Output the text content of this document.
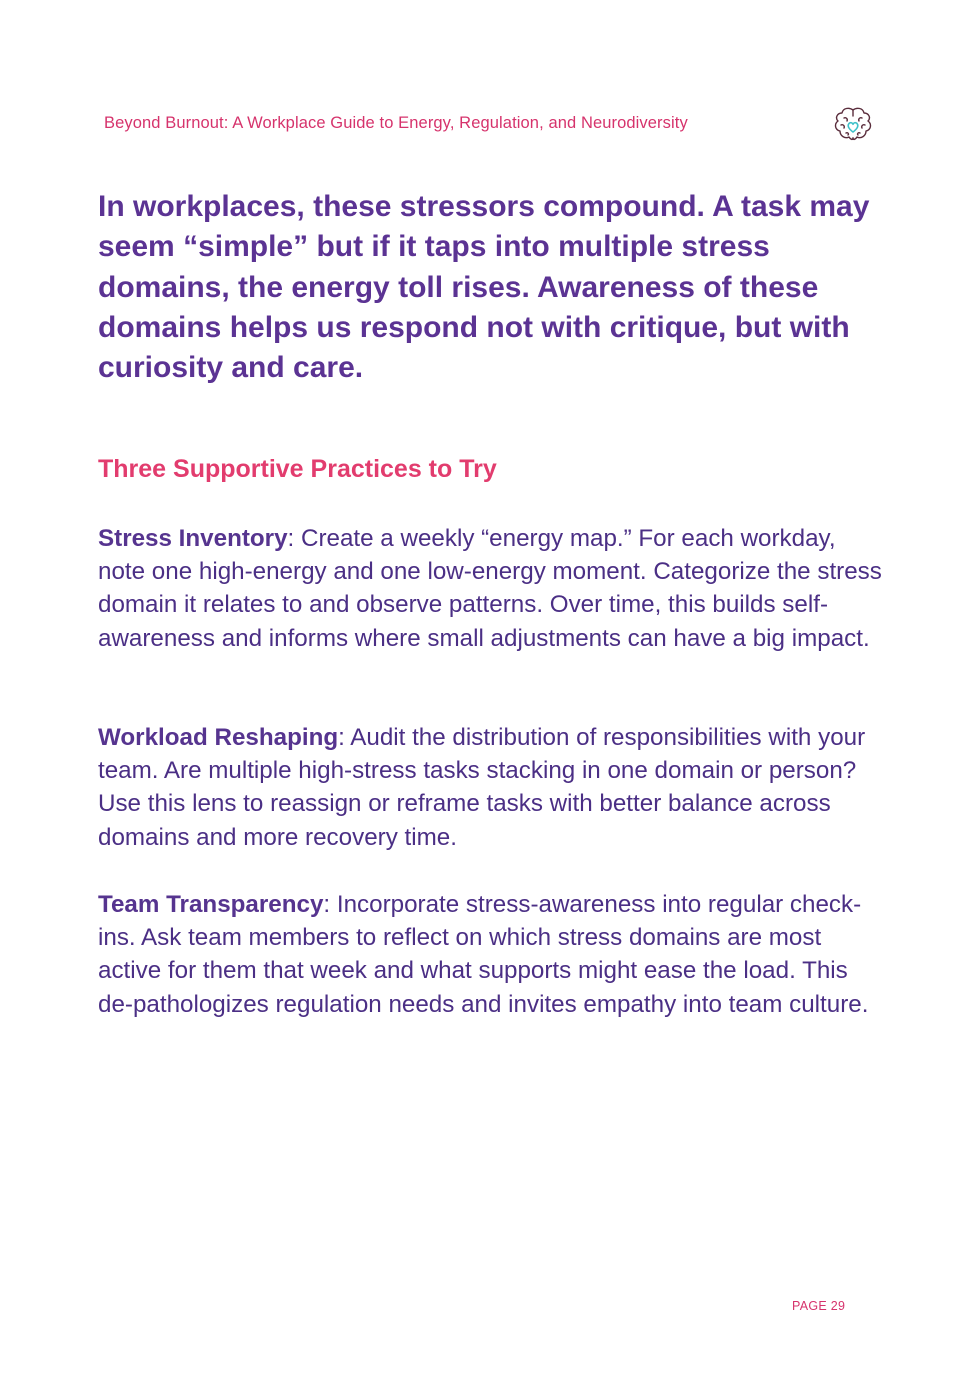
Beyond Burnout: A Workplace Guide to Energy, Regulation, and Neurodiversity

In workplaces, these stressors compound. A task may seem “simple” but if it taps into multiple stress domains, the energy toll rises. Awareness of these domains helps us respond not with critique, but with curiosity and care.

Three Supportive Practices to Try

Stress Inventory: Create a weekly “energy map.” For each workday, note one high-energy and one low-energy moment. Categorize the stress domain it relates to and observe patterns. Over time, this builds self-awareness and informs where small adjustments can have a big impact.

Workload Reshaping: Audit the distribution of responsibilities with your team. Are multiple high-stress tasks stacking in one domain or person? Use this lens to reassign or reframe tasks with better balance across domains and more recovery time.

Team Transparency: Incorporate stress-awareness into regular check-ins. Ask team members to reflect on which stress domains are most active for them that week and what supports might ease the load. This de-pathologizes regulation needs and invites empathy into team culture.

PAGE 29
